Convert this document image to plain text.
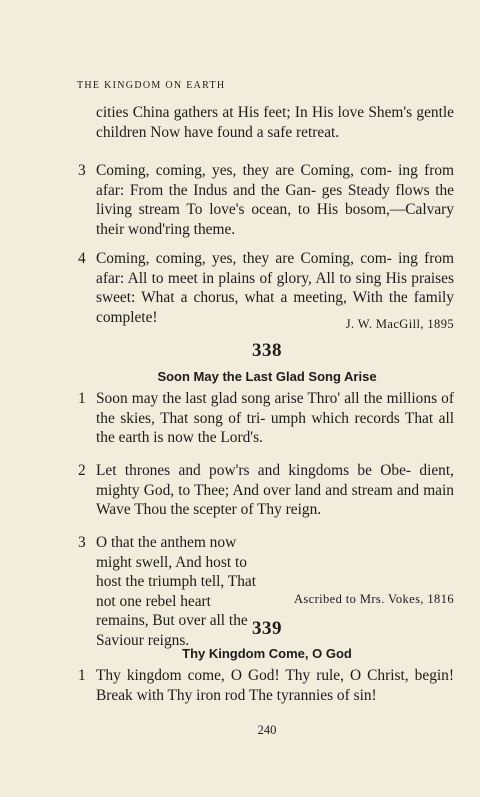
THE KINGDOM ON EARTH
cities China gathers at His feet; In His love Shem's gentle children Now have found a safe retreat.
3 Coming, coming, yes, they are Coming, com- ing from afar: From the Indus and the Gan- ges Steady flows the living stream To love's ocean, to His bosom,—Calvary their wond'ring theme.
4 Coming, coming, yes, they are Coming, com- ing from afar: All to meet in plains of glory, All to sing His praises sweet: What a chorus, what a meeting, With the family complete!	J. W. MacGill, 1895
338
Soon May the Last Glad Song Arise
1 Soon may the last glad song arise Thro' all the millions of the skies, That song of tri- umph which records That all the earth is now the Lord's.
2 Let thrones and pow'rs and kingdoms be Obe- dient, mighty God, to Thee; And over land and stream and main Wave Thou the scepter of Thy reign.
3 O that the anthem now might swell, And host to host the triumph tell, That not one rebel heart remains, But over all the Saviour reigns.
Ascribed to Mrs. Vokes, 1816
339
Thy Kingdom Come, O God
1 Thy kingdom come, O God! Thy rule, O Christ, begin! Break with Thy iron rod The tyrannies of sin!
240
